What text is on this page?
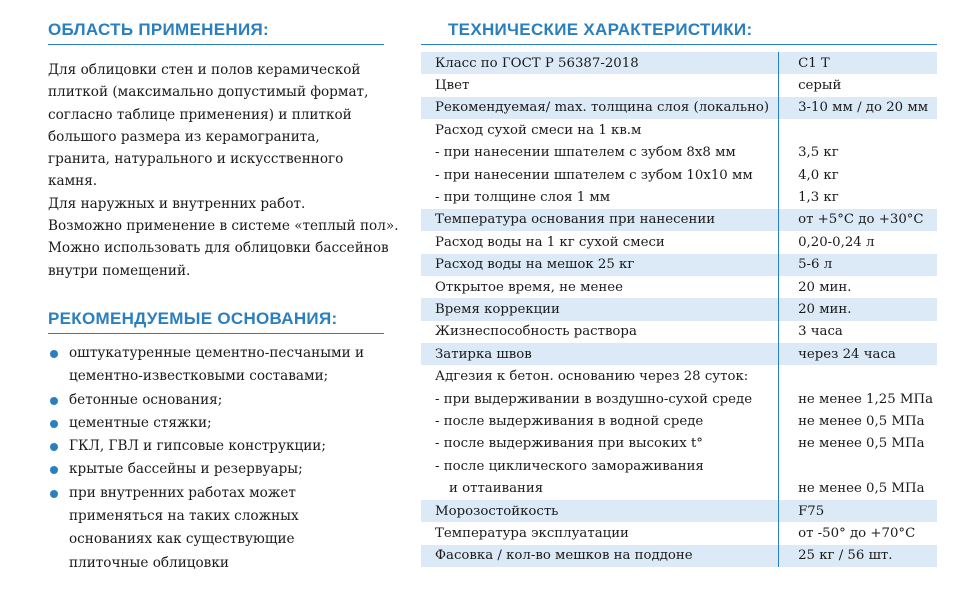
ОБЛАСТЬ ПРИМЕНЕНИЯ:
Для облицовки стен и полов керамической
плиткой (максимально допустимый формат,
согласно таблице применения) и плиткой
большого размера из керамогранита,
гранита, натурального и искусственного
камня.
Для наружных и внутренних работ.
Возможно применение в системе «теплый пол».
Можно использовать для облицовки бассейнов
внутри помещений.
РЕКОМЕНДУЕМЫЕ ОСНОВАНИЯ:
оштукатуренные цементно-песчаными и
цементно-известковыми составами;
бетонные основания;
цементные стяжки;
ГКЛ, ГВЛ и гипсовые конструкции;
крытые бассейны и резервуары;
при внутренних работах может
применяться на таких сложных
основаниях как существующие
плиточные облицовки
ТЕХНИЧЕСКИЕ ХАРАКТЕРИСТИКИ:
Класс по ГОСТ Р 56387-2018	C1 T
Цвет	серый
Рекомендуемая/ max. толщина слоя (локально)	3-10 мм / до 20 мм
Расход сухой смеси на 1 кв.м	
- при нанесении шпателем с зубом 8х8 мм	3,5 кг
- при нанесении шпателем с зубом 10х10 мм	4,0 кг
- при толщине слоя 1 мм	1,3 кг
Температура основания при нанесении	от +5°С до +30°С
Расход воды на 1 кг сухой смеси	0,20-0,24 л
Расход воды на мешок 25 кг	5-6 л
Открытое время, не менее	20 мин.
Время коррекции	20 мин.
Жизнеспособность раствора	3 часа
Затирка швов	через 24 часа
Адгезия к бетон. основанию через 28 суток:	
- при выдерживании в воздушно-сухой среде	не менее 1,25 МПа
- после выдерживания в водной среде	не менее 0,5 МПа
- после выдерживания при высоких t°	не менее 0,5 МПа
- после циклического замораживания	
и оттаивания	не менее 0,5 МПа
Морозостойкость	F75
Температура эксплуатации	от -50° до +70°С
Фасовка / кол-во мешков на поддоне	25 кг / 56 шт.
